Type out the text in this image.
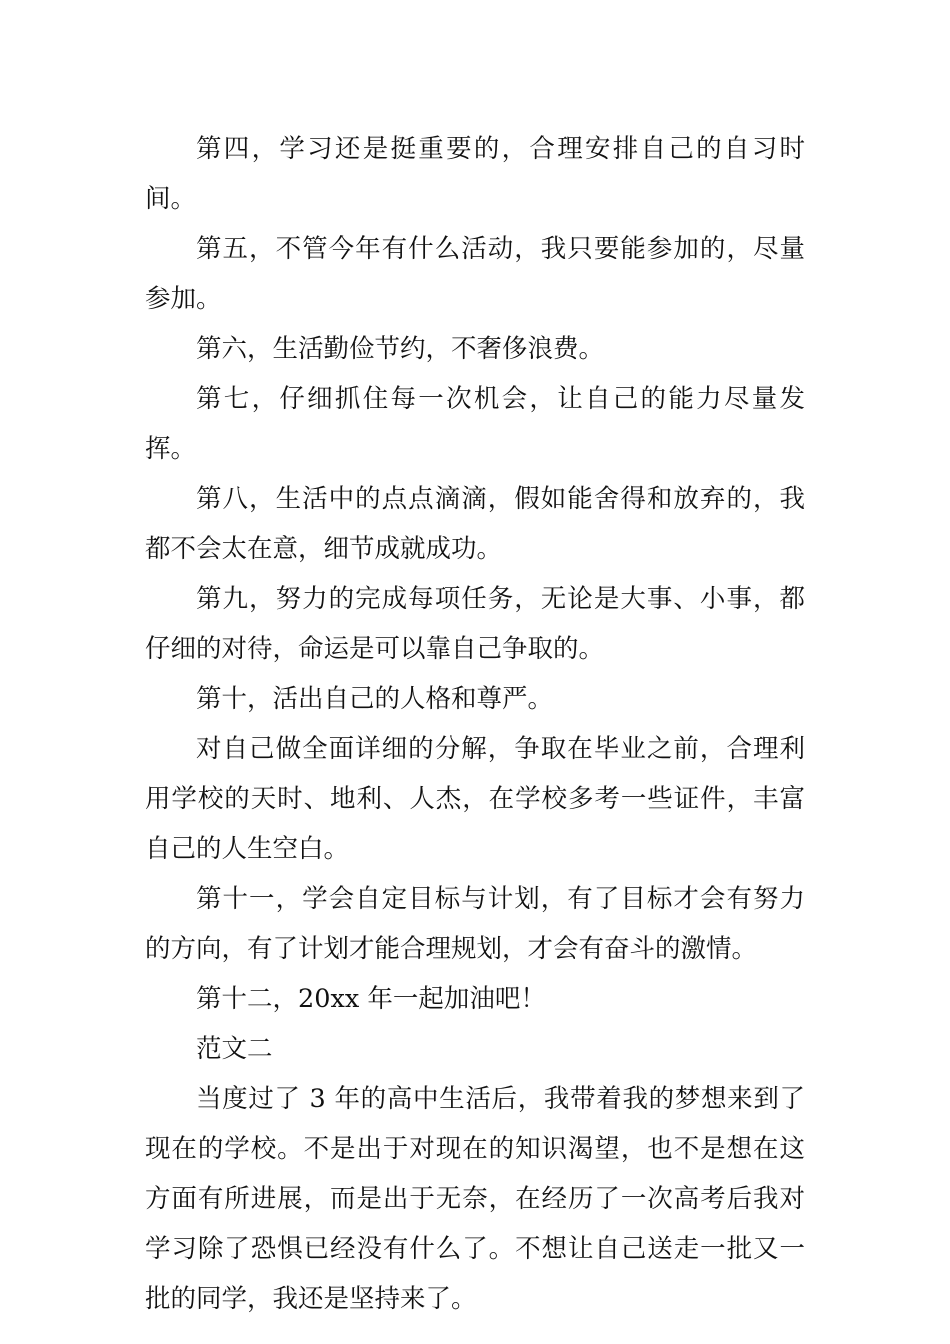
第四，学习还是挺重要的，合理安排自己的自习时间。

第五，不管今年有什么活动，我只要能参加的，尽量参加。

第六，生活勤俭节约，不奢侈浪费。

第七，仔细抓住每一次机会，让自己的能力尽量发挥。

第八，生活中的点点滴滴，假如能舍得和放弃的，我都不会太在意，细节成就成功。

第九，努力的完成每项任务，无论是大事、小事，都仔细的对待，命运是可以靠自己争取的。

第十，活出自己的人格和尊严。

对自己做全面详细的分解，争取在毕业之前，合理利用学校的天时、地利、人杰，在学校多考一些证件，丰富自己的人生空白。

第十一，学会自定目标与计划，有了目标才会有努力的方向，有了计划才能合理规划，才会有奋斗的激情。

第十二，20xx 年一起加油吧！

范文二

当度过了 3 年的高中生活后，我带着我的梦想来到了现在的学校。不是出于对现在的知识渴望，也不是想在这方面有所进展，而是出于无奈，在经历了一次高考后我对学习除了恐惧已经没有什么了。不想让自己送走一批又一批的同学，我还是坚持来了。
